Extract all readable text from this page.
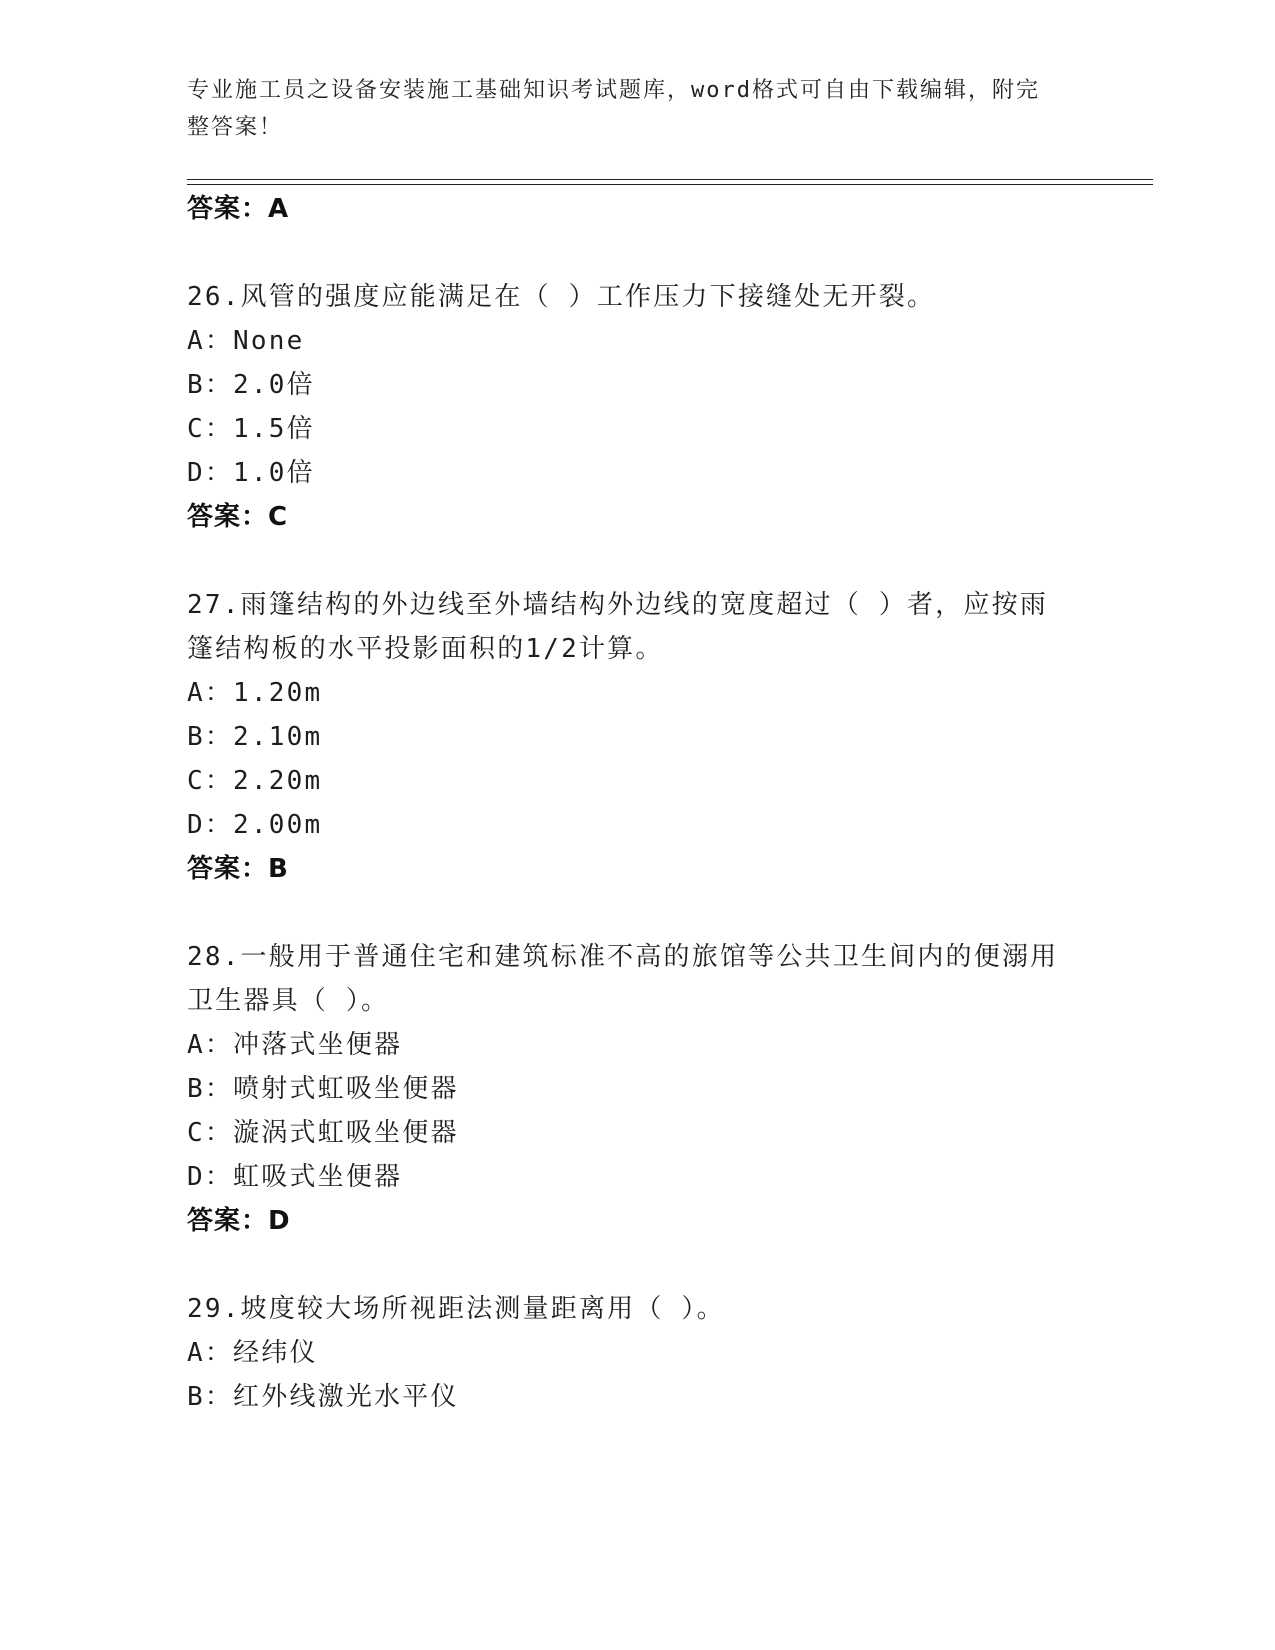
专业施工员之设备安装施工基础知识考试题库，word格式可自由下载编辑，附完
整答案！
答案：A
26.风管的强度应能满足在（ ）工作压力下接缝处无开裂。
A：None
B：2.0倍
C：1.5倍
D：1.0倍
答案：C
27.雨篷结构的外边线至外墙结构外边线的宽度超过（ ）者，应按雨
篷结构板的水平投影面积的1/2计算。
A：1.20m
B：2.10m
C：2.20m
D：2.00m
答案：B
28.一般用于普通住宅和建筑标准不高的旅馆等公共卫生间内的便溺用
卫生器具（ ）。
A：冲落式坐便器
B：喷射式虹吸坐便器
C：漩涡式虹吸坐便器
D：虹吸式坐便器
答案：D
29.坡度较大场所视距法测量距离用（ ）。
A：经纬仪
B：红外线激光水平仪
